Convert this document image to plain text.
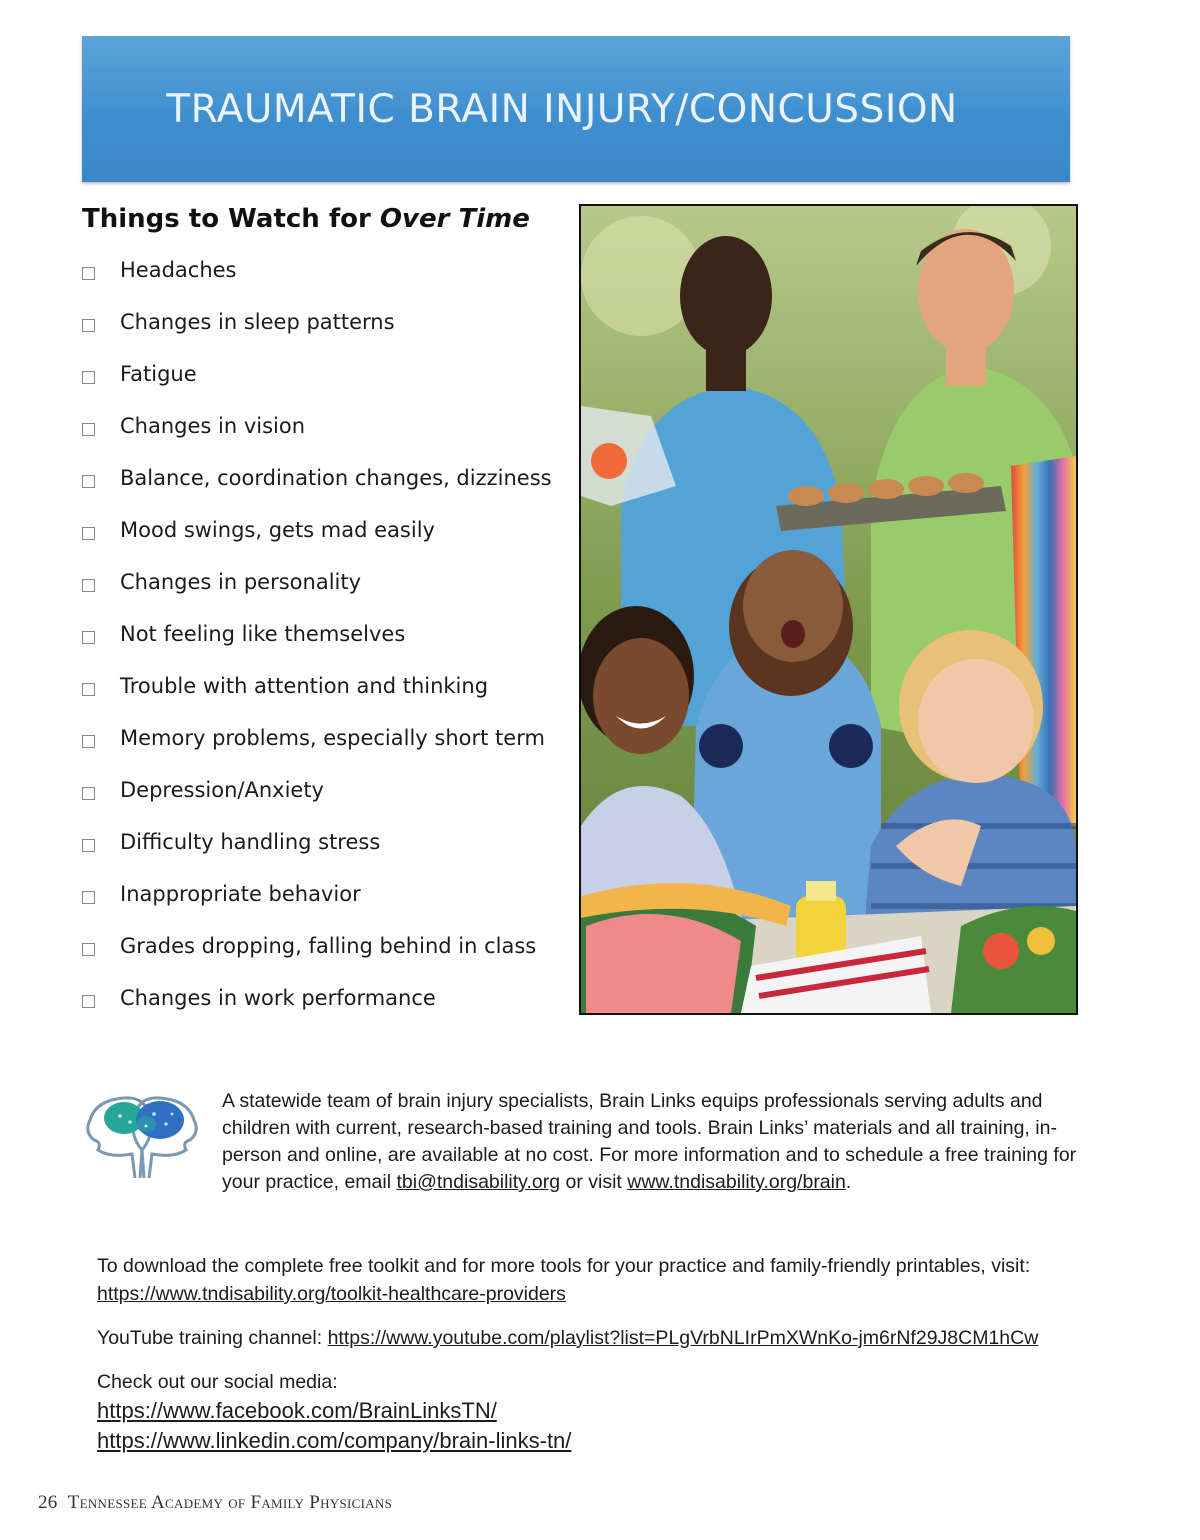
TRAUMATIC BRAIN INJURY/CONCUSSION
Things to Watch for Over Time
Headaches
Changes in sleep patterns
Fatigue
Changes in vision
Balance, coordination changes, dizziness
Mood swings, gets mad easily
Changes in personality
Not feeling like themselves
Trouble with attention and thinking
Memory problems, especially short term
Depression/Anxiety
Difficulty handling stress
Inappropriate behavior
Grades dropping, falling behind in class
Changes in work performance
A statewide team of brain injury specialists, Brain Links equips professionals serving adults and children with current, research-based training and tools. Brain Links’ materials and all training, in-person and online, are available at no cost. For more information and to schedule a free training for your practice, email tbi@tndisability.org or visit www.tndisability.org/brain.
To download the complete free toolkit and for more tools for your practice and family-friendly printables, visit: https://www.tndisability.org/toolkit-healthcare-providers
YouTube training channel: https://www.youtube.com/playlist?list=PLgVrbNLIrPmXWnKo-jm6rNf29J8CM1hCw
Check out our social media:
https://www.facebook.com/BrainLinksTN/
https://www.linkedin.com/company/brain-links-tn/
26 Tennessee Academy of Family Physicians
